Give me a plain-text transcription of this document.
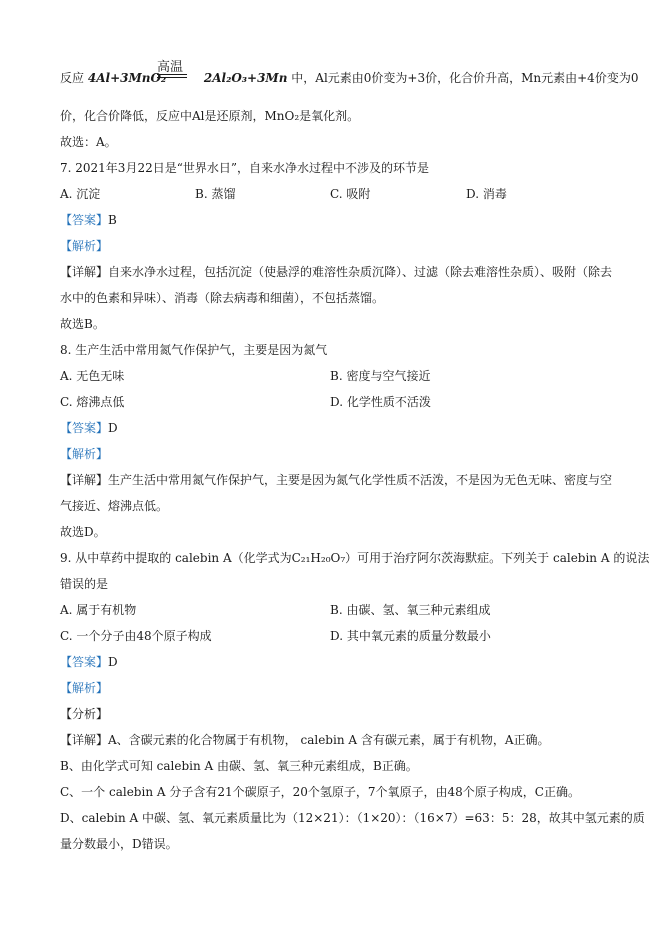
反应 4Al+3MnO₂	2Al₂O₃+3Mn 中，Al元素由0价变为+3价，化合价升高，Mn元素由+4价变为0
高温
价，化合价降低，反应中Al是还原剂，MnO₂是氧化剂。
故选：A。
7. 2021年3月22日是“世界水日”，自来水净水过程中不涉及的环节是
A. 沉淀	B. 蒸馏	C. 吸附	D. 消毒
【答案】B
【解析】
【详解】自来水净水过程，包括沉淀（使悬浮的难溶性杂质沉降）、过滤（除去难溶性杂质）、吸附（除去
水中的色素和异味）、消毒（除去病毒和细菌），不包括蒸馏。
故选B。
8. 生产生活中常用氮气作保护气，主要是因为氮气
A. 无色无味	B. 密度与空气接近
C. 熔沸点低	D. 化学性质不活泼
【答案】D
【解析】
【详解】生产生活中常用氮气作保护气，主要是因为氮气化学性质不活泼，不是因为无色无味、密度与空
气接近、熔沸点低。
故选D。
9. 从中草药中提取的 calebin A（化学式为C₂₁H₂₀O₇）可用于治疗阿尔茨海默症。下列关于 calebin A 的说法
错误的是
A. 属于有机物	B. 由碳、氢、氧三种元素组成
C. 一个分子由48个原子构成	D. 其中氧元素的质量分数最小
【答案】D
【解析】
【分析】
【详解】A、含碳元素的化合物属于有机物， calebin A 含有碳元素，属于有机物，A正确。
B、由化学式可知 calebin A 由碳、氢、氧三种元素组成，B正确。
C、一个 calebin A 分子含有21个碳原子，20个氢原子，7个氧原子，由48个原子构成，C正确。
D、calebin A 中碳、氢、氧元素质量比为（12×21）：（1×20）：（16×7）=63：5：28，故其中氢元素的质
量分数最小，D错误。
